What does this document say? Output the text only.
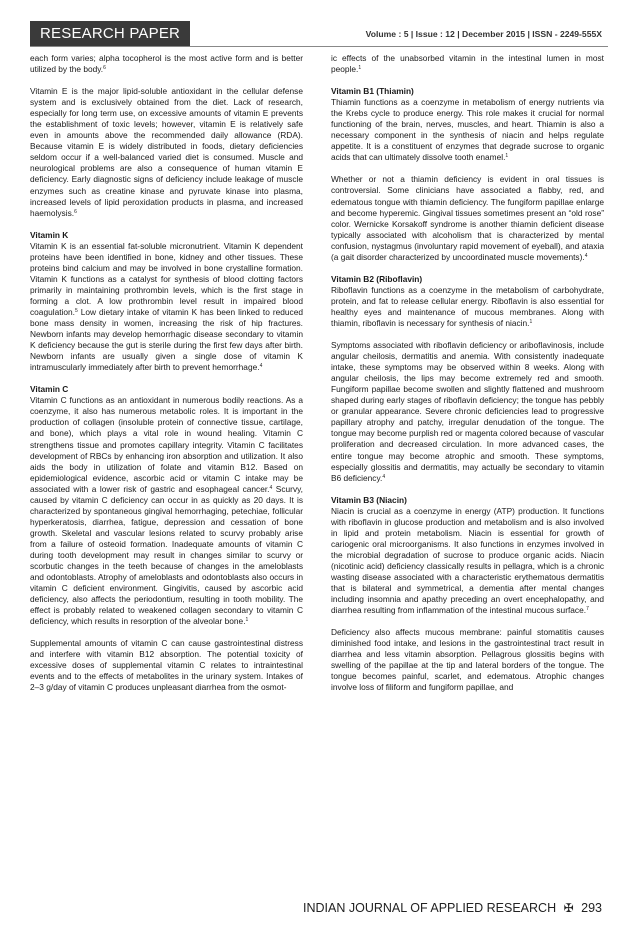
RESEARCH PAPER	Volume : 5 | Issue : 12 | December 2015 | ISSN - 2249-555X

each form varies; alpha tocopherol is the most active form and is better utilized by the body.$^6$

Vitamin E is the major lipid-soluble antioxidant in the cellular defense system and is exclusively obtained from the diet. Lack of research, especially for long term use, on excessive amounts of vitamin E prevents the establishment of toxic levels; however, vitamin E is relatively safe even in amounts above the recommended daily allowance (RDA). Because vitamin E is widely distributed in foods, dietary deficiencies seldom occur if a well-balanced varied diet is consumed. Muscle and neurological problems are also a consequence of human vitamin E deficiency. Early diagnostic signs of deficiency include leakage of muscle enzymes such as creatine kinase and pyruvate kinase into plasma, increased levels of lipid peroxidation products in plasma, and increased haemolysis.$^6$

Vitamin K

Vitamin K is an essential fat-soluble micronutrient. Vitamin K dependent proteins have been identified in bone, kidney and other tissues. These proteins bind calcium and may be involved in bone crystalline formation. Vitamin K functions as a catalyst for synthesis of blood clotting factors primarily in maintaining prothrombin levels, which is the first stage in forming a clot. A low prothrombin level result in impaired blood coagulation.$^5$ Low dietary intake of vitamin K has been linked to reduced bone mass density in women, increasing the risk of hip fractures. Newborn infants may develop hemorrhagic disease secondary to vitamin K deficiency because the gut is sterile during the first few days after birth. Newborn infants are usually given a single dose of vitamin K intramuscularly immediately after birth to prevent hemorrhage.$^4$

Vitamin C

Vitamin C functions as an antioxidant in numerous bodily reactions. As a coenzyme, it also has numerous metabolic roles. It is important in the production of collagen (insoluble protein of connective tissue, cartilage, and bone), which plays a vital role in wound healing. Vitamin C strengthens tissue and promotes capillary integrity. Vitamin C facilitates development of RBCs by enhancing iron absorption and utilization. It also aids the body in utilization of folate and vitamin B12. Based on epidemiological evidence, ascorbic acid or vitamin C intake may be associated with a lower risk of gastric and esophageal cancer.$^4$ Scurvy, caused by vitamin C deficiency can occur in as quickly as 20 days. It is characterized by spontaneous gingival hemorrhaging, petechiae, follicular hyperkeratosis, diarrhea, fatigue, depression and cessation of bone growth. Skeletal and vascular lesions related to scurvy probably arise from a failure of osteoid formation. Inadequate amounts of vitamin C during tooth development may result in changes similar to scurvy or scorbutic changes in the teeth because of changes in the ameloblasts and odontoblasts. Atrophy of ameloblasts and odontoblasts also occurs in vitamin C deficient environment. Gingivitis, caused by ascorbic acid deficiency, also affects the periodontium, resulting in tooth mobility. The effect is probably related to weakened collagen secondary to vitamin C deficiency, which results in resorption of the alveolar bone.$^1$

Supplemental amounts of vitamin C can cause gastrointestinal distress and interfere with vitamin B12 absorption. The potential toxicity of excessive doses of supplemental vitamin C relates to intraintestinal events and to the effects of metabolites in the urinary system. Intakes of 2–3 g/day of vitamin C produces unpleasant diarrhea from the osmot-

ic effects of the unabsorbed vitamin in the intestinal lumen in most people.$^1$

Vitamin B1 (Thiamin)

Thiamin functions as a coenzyme in metabolism of energy nutrients via the Krebs cycle to produce energy. This role makes it crucial for normal functioning of the brain, nerves, muscles, and heart. Thiamin is also a necessary component in the synthesis of niacin and helps regulate appetite. It is a constituent of enzymes that degrade sucrose to organic acids that can ultimately dissolve tooth enamel.$^1$

Whether or not a thiamin deficiency is evident in oral tissues is controversial. Some clinicians have associated a flabby, red, and edematous tongue with thiamin deficiency. The fungiform papillae enlarge and become hyperemic. Gingival tissues sometimes present an “old rose” color. Wernicke Korsakoff syndrome is another thiamin deficient disease typically associated with alcoholism that is characterized by mental confusion, nystagmus (involuntary rapid movement of eyeball), and ataxia (a gait disorder characterized by uncoordinated muscle movements).$^4$

Vitamin B2 (Riboflavin)

Riboflavin functions as a coenzyme in the metabolism of carbohydrate, protein, and fat to release cellular energy. Riboflavin is also essential for healthy eyes and maintenance of mucous membranes. Along with thiamin, riboflavin is necessary for synthesis of niacin.$^1$

Symptoms associated with riboflavin deficiency or ariboflavinosis, include angular cheilosis, dermatitis and anemia. With consistently inadequate intake, these symptoms may be observed within 8 weeks. Along with angular cheilosis, the lips may become extremely red and smooth. Fungiform papillae become swollen and slightly flattened and mushroom shaped during early stages of riboflavin deficiency; the tongue has pebbly or granular appearance. Severe chronic deficiencies lead to progressive papillary atrophy and patchy, irregular denudation of the tongue. The tongue may become purplish red or magenta colored because of vascular proliferation and decreased circulation. In more advanced cases, the entire tongue may become atrophic and smooth. These symptoms, especially glossitis and dermatitis, may actually be secondary to vitamin B6 deficiency.$^4$

Vitamin B3 (Niacin)

Niacin is crucial as a coenzyme in energy (ATP) production. It functions with riboflavin in glucose production and metabolism and is also involved in lipid and protein metabolism. Niacin is essential for growth of cariogenic oral microorganisms. It also functions in enzymes involved in the microbial degradation of sucrose to produce organic acids. Niacin (nicotinic acid) deficiency classically results in pellagra, which is a chronic wasting disease associated with a characteristic erythematous dermatitis that is bilateral and symmetrical, a dementia after mental changes including insomnia and apathy preceding an overt encephalopathy, and diarrhea resulting from inflammation of the intestinal mucous surface.$^7$

Deficiency also affects mucous membrane: painful stomatitis causes diminished food intake, and lesions in the gastrointestinal tract result in diarrhea and less vitamin absorption. Pellagrous glossitis begins with swelling of the papillae at the tip and lateral borders of the tongue. The tongue becomes painful, scarlet, and edematous. Atrophic changes involve loss of filiform and fungiform papillae, and

INDIAN JOURNAL OF APPLIED RESEARCH ✠ 293
